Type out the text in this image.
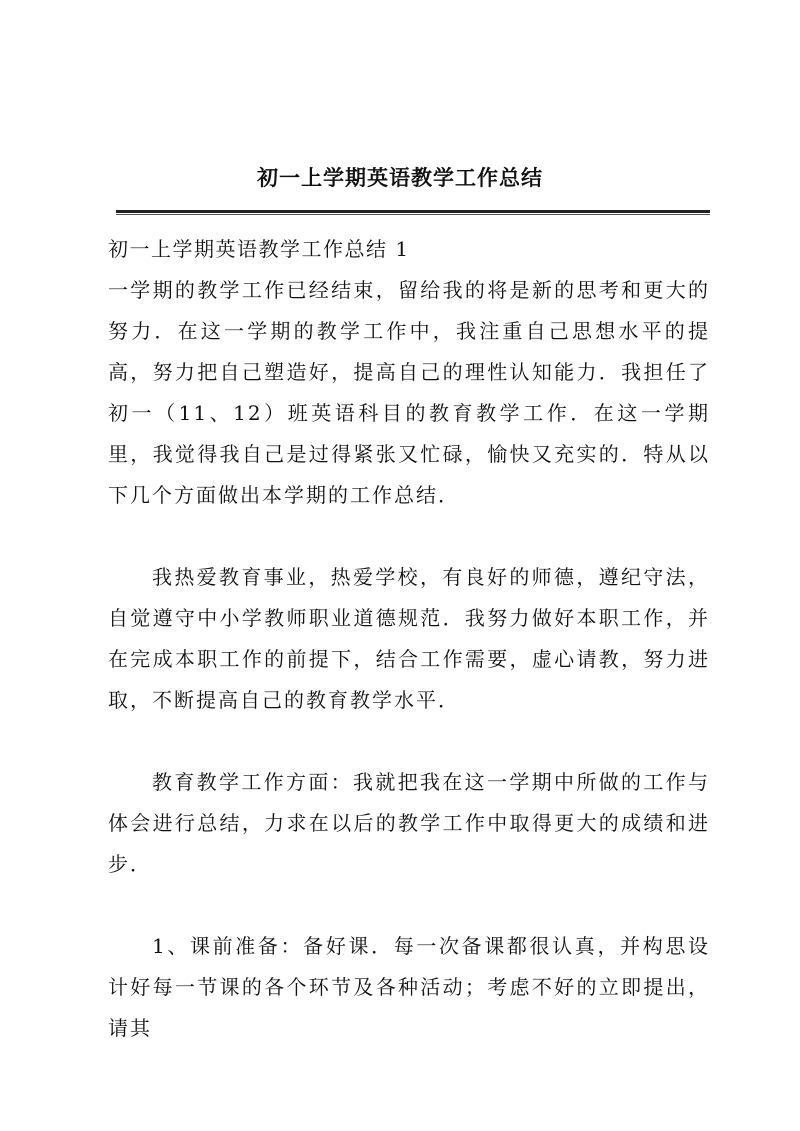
初一上学期英语教学工作总结

初一上学期英语教学工作总结 1

一学期的教学工作已经结束，留给我的将是新的思考和更大的努力．在这一学期的教学工作中，我注重自己思想水平的提高，努力把自己塑造好，提高自己的理性认知能力．我担任了初一（11、12）班英语科目的教育教学工作．在这一学期里，我觉得我自己是过得紧张又忙碌，愉快又充实的．特从以下几个方面做出本学期的工作总结．

我热爱教育事业，热爱学校，有良好的师德，遵纪守法，自觉遵守中小学教师职业道德规范．我努力做好本职工作，并在完成本职工作的前提下，结合工作需要，虚心请教，努力进取，不断提高自己的教育教学水平．

教育教学工作方面：我就把我在这一学期中所做的工作与体会进行总结，力求在以后的教学工作中取得更大的成绩和进步．

1、课前准备：备好课．每一次备课都很认真，并构思设计好每一节课的各个环节及各种活动；考虑不好的立即提出，请其
